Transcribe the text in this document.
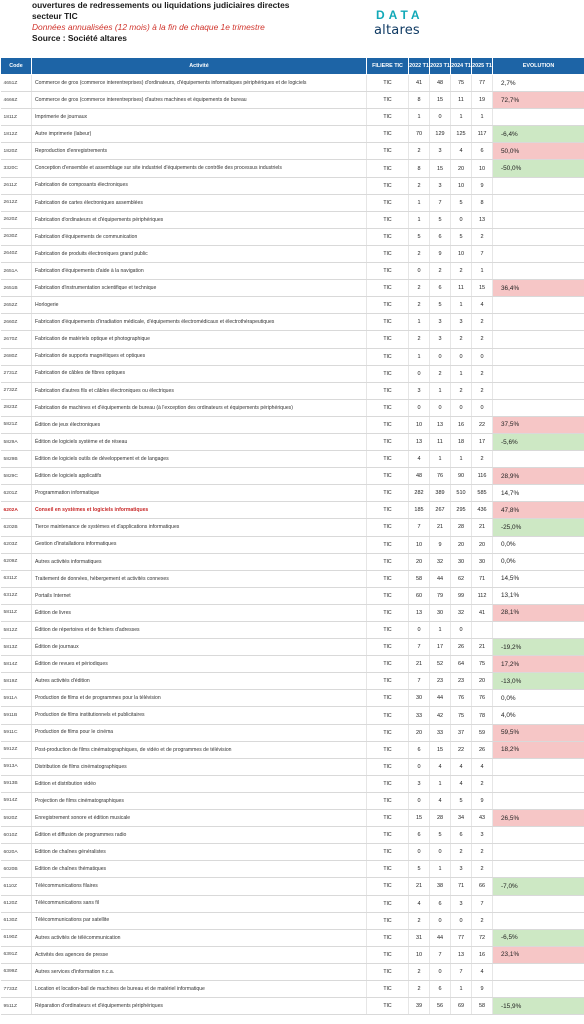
ouvertures de redressements ou liquidations judiciaires directes
secteur TIC
Données annualisées (12 mois) à la fin de chaque 1e trimestre
Source : Société altares
DATA
altares
Code	Activité	FILIERE TIC	2022 T1	2023 T1	2024 T1	2025 T1	EVOLUTION
4651Z	Commerce de gros (commerce interentreprises) d'ordinateurs, d'équipements informatiques périphériques et de logiciels	TIC	41	48	75	77	2,7%
4666Z	Commerce de gros (commerce interentreprises) d'autres machines et équipements de bureau	TIC	8	15	11	19	72,7%
1811Z	Imprimerie de journaux	TIC	1	0	1	1	
1812Z	Autre imprimerie (labeur)	TIC	70	129	125	117	-6,4%
1820Z	Reproduction d'enregistrements	TIC	2	3	4	6	50,0%
3320C	Conception d'ensemble et assemblage sur site industriel d'équipements de contrôle des processus industriels	TIC	8	15	20	10	-50,0%
2611Z	Fabrication de composants électroniques	TIC	2	3	10	9	
2612Z	Fabrication de cartes électroniques assemblées	TIC	1	7	5	8	
2620Z	Fabrication d'ordinateurs et d'équipements périphériques	TIC	1	5	0	13	
2630Z	Fabrication d'équipements de communication	TIC	5	6	5	2	
2640Z	Fabrication de produits électroniques grand public	TIC	2	9	10	7	
2651A	Fabrication d'équipements d'aide à la navigation	TIC	0	2	2	1	
2651B	Fabrication d'instrumentation scientifique et technique	TIC	2	6	11	15	36,4%
2652Z	Horlogerie	TIC	2	5	1	4	
2660Z	Fabrication d'équipements d'irradiation médicale, d'équipements électromédicaux et électrothérapeutiques	TIC	1	3	3	2	
2670Z	Fabrication de matériels optique et photographique	TIC	2	3	2	2	
2680Z	Fabrication de supports magnétiques et optiques	TIC	1	0	0	0	
2731Z	Fabrication de câbles de fibres optiques	TIC	0	2	1	2	
2732Z	Fabrication d'autres fils et câbles électroniques ou électriques	TIC	3	1	2	2	
2823Z	Fabrication de machines et d'équipements de bureau (à l'exception des ordinateurs et équipements périphériques)	TIC	0	0	0	0	
5821Z	Édition de jeux électroniques	TIC	10	13	16	22	37,5%
5829A	Édition de logiciels système et de réseau	TIC	13	11	18	17	-5,6%
5829B	Edition de logiciels outils de développement et de langages	TIC	4	1	1	2	
5829C	Edition de logiciels applicatifs	TIC	48	76	90	116	28,9%
6201Z	Programmation informatique	TIC	282	389	510	585	14,7%
6202A	Conseil en systèmes et logiciels informatiques	TIC	185	267	295	436	47,8%
6202B	Tierce maintenance de systèmes et d'applications informatiques	TIC	7	21	28	21	-25,0%
6203Z	Gestion d'installations informatiques	TIC	10	9	20	20	0,0%
6209Z	Autres activités informatiques	TIC	20	32	30	30	0,0%
6311Z	Traitement de données, hébergement et activités connexes	TIC	58	44	62	71	14,5%
6312Z	Portails Internet	TIC	60	79	99	112	13,1%
5811Z	Édition de livres	TIC	13	30	32	41	28,1%
5812Z	Édition de répertoires et de fichiers d'adresses	TIC	0	1	0		
5813Z	Édition de journaux	TIC	7	17	26	21	-19,2%
5814Z	Édition de revues et périodiques	TIC	21	52	64	75	17,2%
5819Z	Autres activités d'édition	TIC	7	23	23	20	-13,0%
5911A	Production de films et de programmes pour la télévision	TIC	30	44	76	76	0,0%
5911B	Production de films institutionnels et publicitaires	TIC	33	42	75	78	4,0%
5911C	Production de films pour le cinéma	TIC	20	33	37	59	59,5%
5912Z	Post-production de films cinématographiques, de vidéo et de programmes de télévision	TIC	6	15	22	26	18,2%
5913A	Distribution de films cinématographiques	TIC	0	4	4	4	
5913B	Edition et distribution vidéo	TIC	3	1	4	2	
5914Z	Projection de films cinématographiques	TIC	0	4	5	9	
5920Z	Enregistrement sonore et édition musicale	TIC	15	28	34	43	26,5%
6010Z	Édition et diffusion de programmes radio	TIC	6	5	6	3	
6020A	Edition de chaînes généralistes	TIC	0	0	2	2	
6020B	Edition de chaînes thématiques	TIC	5	1	3	2	
6110Z	Télécommunications filaires	TIC	21	38	71	66	-7,0%
6120Z	Télécommunications sans fil	TIC	4	6	3	7	
6130Z	Télécommunications par satellite	TIC	2	0	0	2	
6190Z	Autres activités de télécommunication	TIC	31	44	77	72	-6,5%
6391Z	Activités des agences de presse	TIC	10	7	13	16	23,1%
6399Z	Autres services d'information n.c.a.	TIC	2	0	7	4	
7733Z	Location et location-bail de machines de bureau et de matériel informatique	TIC	2	6	1	9	
9511Z	Réparation d'ordinateurs et d'équipements périphériques	TIC	39	56	69	58	-15,9%
